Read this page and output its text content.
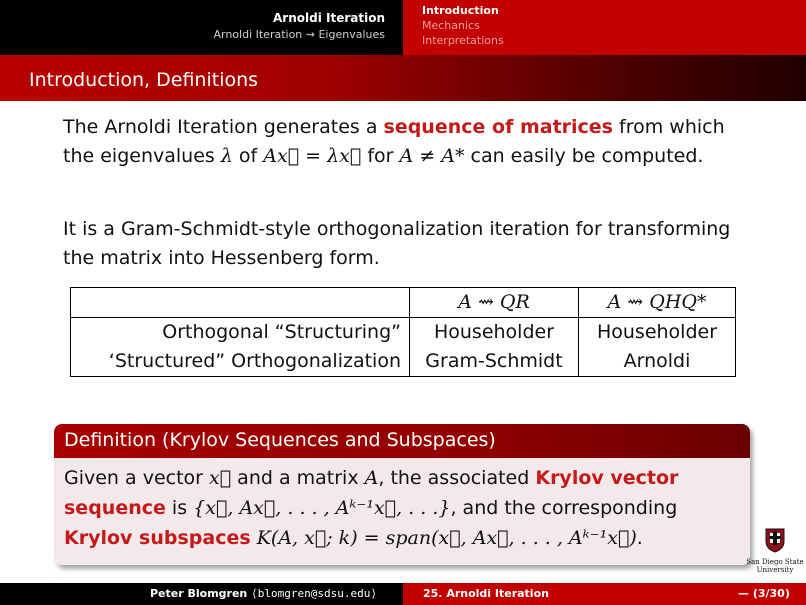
Arnoldi Iteration
Arnoldi Iteration ⇝ Eigenvalues
Introduction
Mechanics
Interpretations
Introduction, Definitions
The Arnoldi Iteration generates a sequence of matrices from which the eigenvalues λ of Ax⃗ = λx⃗ for A ≠ A* can easily be computed.
It is a Gram-Schmidt-style orthogonalization iteration for transforming the matrix into Hessenberg form.
	A ⇝ QR	A ⇝ QHQ*
Orthogonal “Structuring”	Householder	Householder
‘Structured” Orthogonalization	Gram-Schmidt	Arnoldi
Definition (Krylov Sequences and Subspaces)
Given a vector x⃗ and a matrix A, the associated Krylov vector sequence is {x⃗, Ax⃗, . . . , Aᵏ⁻¹x⃗, . . .}, and the corresponding Krylov subspaces K(A, x⃗; k) = span(x⃗, Ax⃗, . . . , Aᵏ⁻¹x⃗).
San Diego State
University
Peter Blomgren ⟨blomgren@sdsu.edu⟩	25. Arnoldi Iteration	— (3/30)
